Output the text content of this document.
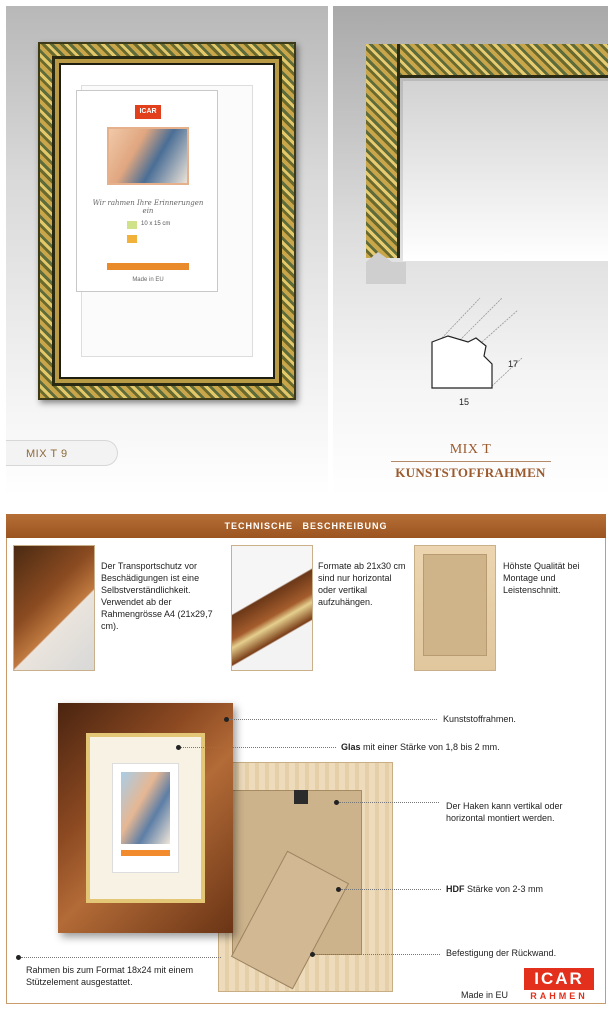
ICAR
Wir rahmen Ihre Erinnerungen ein
10 x 15 cm
Made in EU
MIX T 9
17
15
MIX T
KUNSTSTOFFRAHMEN
TECHNISCHE BESCHREIBUNG
Der Transportschutz vor Beschädigungen ist eine Selbstverständlichkeit. Verwendet ab der Rahmengrösse A4 (21x29,7 cm).
Formate ab 21x30 cm sind nur horizontal oder vertikal aufzuhängen.
Höhste Qualität bei Montage und Leistenschnitt.
Kunststoffrahmen.
Glas mit einer Stärke von 1,8 bis 2 mm.
Der Haken kann vertikal oder horizontal montiert werden.
HDF Stärke von 2-3 mm
Befestigung der Rückwand.
Rahmen bis zum Format 18x24 mit einem Stützelement ausgestattet.
Made in EU
ICAR
RAHMEN
